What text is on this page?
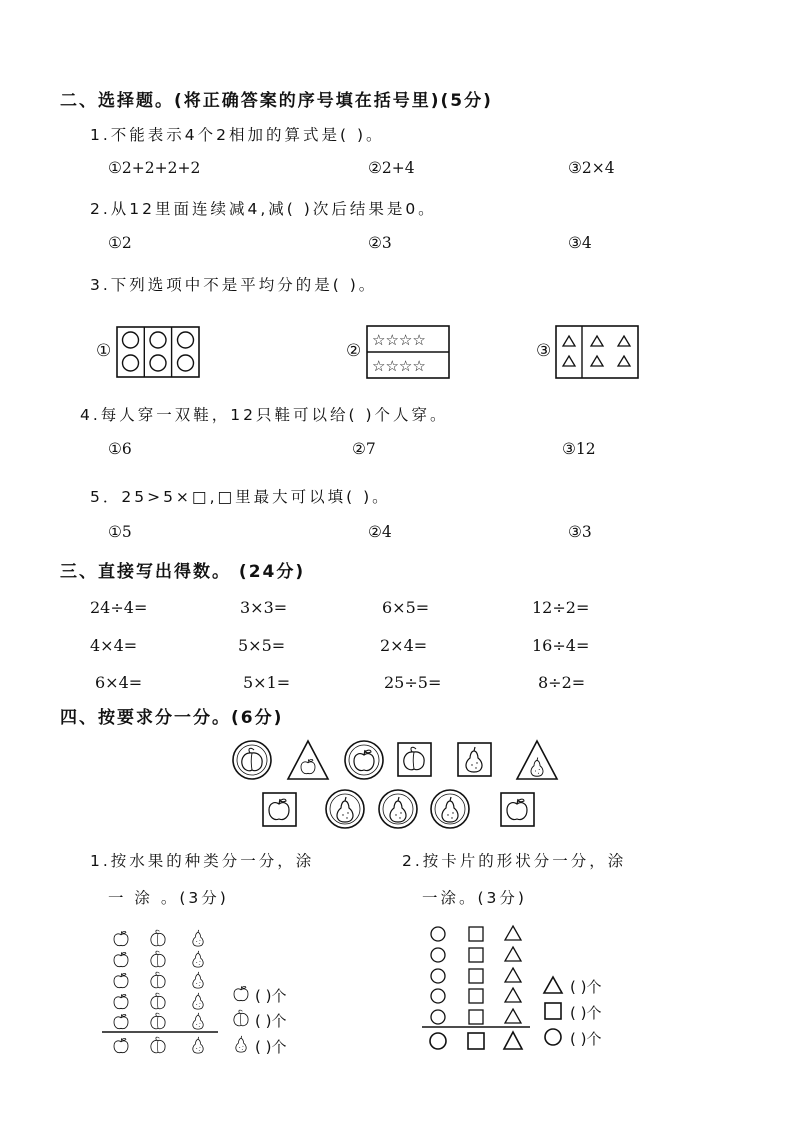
二、选择题。(将正确答案的序号填在括号里)(5分)
1.不能表示4个2相加的算式是( )。
①2+2+2+2	②2+4	③2×4
2.从12里面连续减4,减( )次后结果是0。
①2	②3	③4
3.下列选项中不是平均分的是( )。
①	②
☆☆☆☆
☆☆☆☆
③
4.每人穿一双鞋，12只鞋可以给( )个人穿。
①6	②7	③12
5．25>5×□,□里最大可以填( )。
①5	②4	③3
三、直接写出得数。 (24分)
24÷4=	3×3=	6×5=	12÷2=
4×4=	5×5=	2×4=	16÷4=
6×4=	5×1=	25÷5=	8÷2=
四、按要求分一分。(6分)
1.按水果的种类分一分，涂
一 涂 。(3分)
2.按卡片的形状分一分，涂
一涂。(3分)
( )个
( )个
( )个
( )个
( )个
( )个
